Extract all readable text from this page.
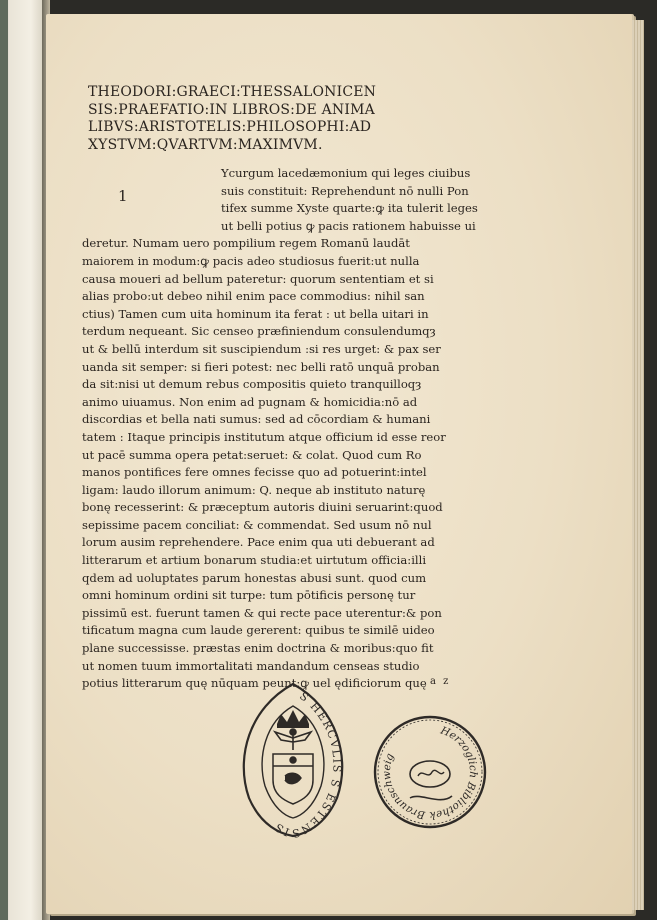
THEODORI:GRAECI:THESSALONICEN
SIS:PRAEFATIO:IN LIBROS:DE ANIMA
LIBVS:ARISTOTELIS:PHILOSOPHI:AD
XYSTVM:QVARTVM:MAXIMVM.
1
Ycurgum lacedæmonium qui leges ciuibus
suis constituit: Reprehendunt nō nulli Pon
tifex summe Xyste quarte:ꝙ ita tulerit leges
ut belli potius ꝙ pacis rationem habuisse ui
deretur. Numam uero pompilium regem Romanū laudāt
maiorem in modum:ꝙ pacis adeo studiosus fuerit:ut nulla
causa moueri ad bellum pateretur: quorum sententiam et si
alias probo:ut debeo nihil enim pace commodius: nihil san
ctius) Tamen cum uita hominum ita ferat : ut bella uitari in
terdum nequeant. Sic censeo præfiniendum consulendumqȝ
ut & bellū interdum sit suscipiendum :si res urget: & pax ser
uanda sit semper: si fieri potest: nec belli ratō unquā proban
da sit:nisi ut demum rebus compositis quieto tranquilloqȝ
animo uiuamus. Non enim ad pugnam & homicidia:nō ad
discordias et bella nati sumus: sed ad cōcordiam & humani
tatem : Itaque principis institutum atque officium id esse reor
ut pacē summa opera petat:seruet: & colat. Quod cum Ro
manos pontifices fere omnes fecisse quo ad potuerint:intel
ligam: laudo illorum animum: Q. neque ab instituto naturę
bonę recesserint: & præceptum autoris diuini seruarint:quod
sepissime pacem conciliat: & commendat. Sed usum nō nul
lorum ausim reprehendere. Pace enim qua uti debuerant ad
litterarum et artium bonarum studia:et uirtutum officia:illi
qdem ad uoluptates parum honestas abusi sunt. quod cum
omni hominum ordini sit turpe: tum pōtificis personę tur
pissimū est. fuerunt tamen & qui recte pace uterentur:& pon
tificatum magna cum laude gererent: quibus te similē uideo
plane successisse. præstas enim doctrina & moribus:quo fit
ut nomen tuum immortalitati mandandum censeas studio
potius litterarum quę nūquam peunt:ꝙ uel ędificiorum quę a z
S HERCVLIS S ESTENSIS
Herzoglich Bibliothek Braunschweig
